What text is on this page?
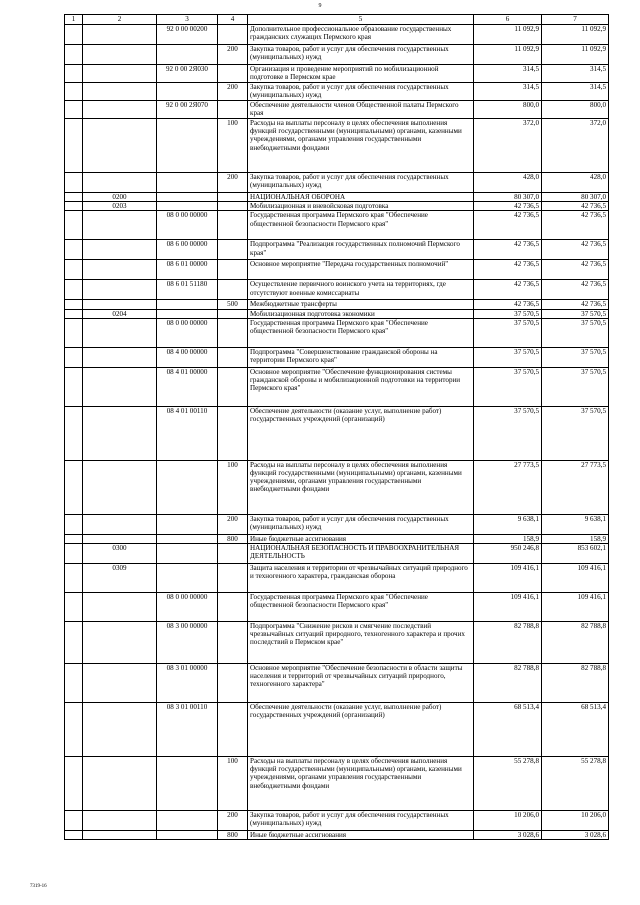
9
1	2	3	4	5	6	7
		92 0 00 00200		Дополнительное профессиональное образование государственных гражданских служащих Пермского края	11 092,9	11 092,9
			200	Закупка товаров, работ и услуг для обеспечения государственных (муниципальных) нужд	11 092,9	11 092,9
		92 0 00 2Я030		Организация и проведение мероприятий по мобилизационной подготовке в Пермском крае	314,5	314,5
			200	Закупка товаров, работ и услуг для обеспечения государственных (муниципальных) нужд	314,5	314,5
		92 0 00 2Я070		Обеспечение деятельности членов Общественной палаты Пермского края	800,0	800,0
			100	Расходы на выплаты персоналу в целях обеспечения выполнения функций государственными (муниципальными) органами, казенными учреждениями, органами управления государственными внебюджетными фондами	372,0	372,0
			200	Закупка товаров, работ и услуг для обеспечения государственных (муниципальных) нужд	428,0	428,0
	0200			НАЦИОНАЛЬНАЯ ОБОРОНА	80 307,0	80 307,0
	0203			Мобилизационная и вневойсковая подготовка	42 736,5	42 736,5
		08 0 00 00000		Государственная программа Пермского края "Обеспечение общественной безопасности Пермского края"	42 736,5	42 736,5
		08 6 00 00000		Подпрограмма "Реализация государственных полномочий Пермского края"	42 736,5	42 736,5
		08 6 01 00000		Основное мероприятие "Передача государственных полномочий"	42 736,5	42 736,5
		08 6 01 51180		Осуществление первичного воинского учета на территориях, где отсутствуют военные комиссариаты	42 736,5	42 736,5
			500	Межбюджетные трансферты	42 736,5	42 736,5
	0204			Мобилизационная подготовка экономики	37 570,5	37 570,5
		08 0 00 00000		Государственная программа Пермского края "Обеспечение общественной безопасности Пермского края"	37 570,5	37 570,5
		08 4 00 00000		Подпрограмма "Совершенствование гражданской обороны на территории Пермского края"	37 570,5	37 570,5
		08 4 01 00000		Основное мероприятие "Обеспечение функционирования системы гражданской обороны и мобилизационной подготовки на территории Пермского края"	37 570,5	37 570,5
		08 4 01 00110		Обеспечение деятельности (оказание услуг, выполнение работ) государственных учреждений (организаций)	37 570,5	37 570,5
			100	Расходы на выплаты персоналу в целях обеспечения выполнения функций государственными (муниципальными) органами, казенными учреждениями, органами управления государственными внебюджетными фондами	27 773,5	27 773,5
			200	Закупка товаров, работ и услуг для обеспечения государственных (муниципальных) нужд	9 638,1	9 638,1
			800	Иные бюджетные ассигнования	158,9	158,9
	0300			НАЦИОНАЛЬНАЯ БЕЗОПАСНОСТЬ И ПРАВООХРАНИТЕЛЬНАЯ ДЕЯТЕЛЬНОСТЬ	950 246,8	853 602,1
	0309			Защита населения и территории от чрезвычайных ситуаций природного и техногенного характера, гражданская оборона	109 416,1	109 416,1
		08 0 00 00000		Государственная программа Пермского края "Обеспечение общественной безопасности Пермского края"	109 416,1	109 416,1
		08 3 00 00000		Подпрограмма "Снижение рисков и смягчение последствий чрезвычайных ситуаций природного, техногенного характера и прочих последствий в Пермском крае"	82 788,8	82 788,8
		08 3 01 00000		Основное мероприятие "Обеспечение безопасности в области защиты населения и территорий от чрезвычайных ситуаций природного, техногенного характера"	82 788,8	82 788,8
		08 3 01 00110		Обеспечение деятельности (оказание услуг, выполнение работ) государственных учреждений (организаций)	68 513,4	68 513,4
			100	Расходы на выплаты персоналу в целях обеспечения выполнения функций государственными (муниципальными) органами, казенными учреждениями, органами управления государственными внебюджетными фондами	55 278,8	55 278,8
			200	Закупка товаров, работ и услуг для обеспечения государственных (муниципальных) нужд	10 206,0	10 206,0
			800	Иные бюджетные ассигнования	3 028,6	3 028,6
7319-16
